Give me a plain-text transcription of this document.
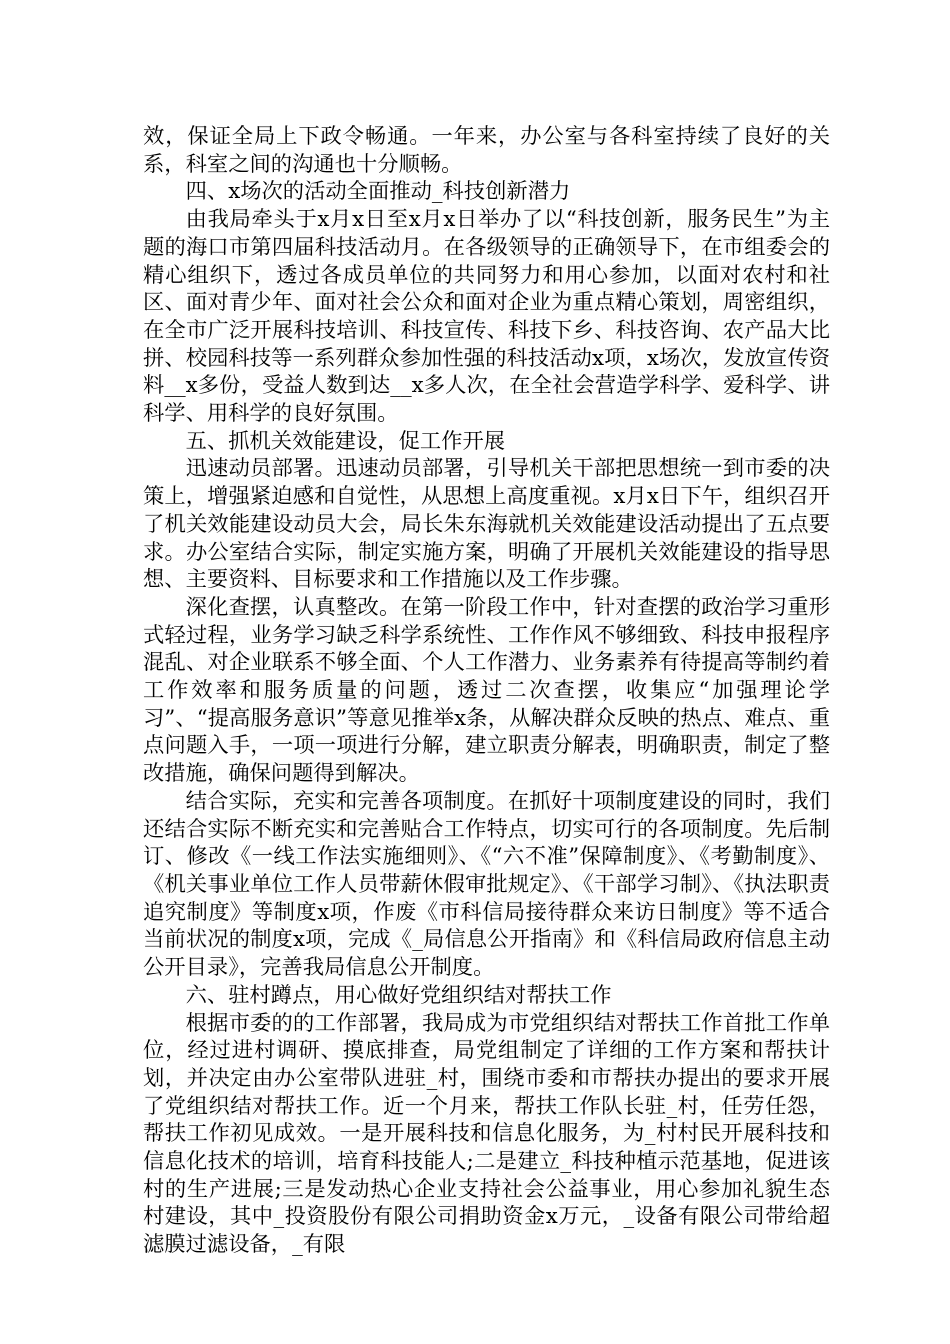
效，保证全局上下政令畅通。一年来，办公室与各科室持续了良好的关系，科室之间的沟通也十分顺畅。

四、x场次的活动全面推动_科技创新潜力

由我局牵头于x月x日至x月x日举办了以“科技创新，服务民生”为主题的海口市第四届科技活动月。在各级领导的正确领导下，在市组委会的精心组织下，透过各成员单位的共同努力和用心参加，以面对农村和社区、面对青少年、面对社会公众和面对企业为重点精心策划，周密组织，在全市广泛开展科技培训、科技宣传、科技下乡、科技咨询、农产品大比拼、校园科技等一系列群众参加性强的科技活动x项，x场次，发放宣传资料__x多份，受益人数到达__x多人次，在全社会营造学科学、爱科学、讲科学、用科学的良好氛围。

五、抓机关效能建设，促工作开展

迅速动员部署。迅速动员部署，引导机关干部把思想统一到市委的决策上，增强紧迫感和自觉性，从思想上高度重视。x月x日下午，组织召开了机关效能建设动员大会，局长朱东海就机关效能建设活动提出了五点要求。办公室结合实际，制定实施方案，明确了开展机关效能建设的指导思想、主要资料、目标要求和工作措施以及工作步骤。

深化查摆，认真整改。在第一阶段工作中，针对查摆的政治学习重形式轻过程，业务学习缺乏科学系统性、工作作风不够细致、科技申报程序混乱、对企业联系不够全面、个人工作潜力、业务素养有待提高等制约着工作效率和服务质量的问题，透过二次查摆，收集应“加强理论学习”、“提高服务意识”等意见推举x条，从解决群众反映的热点、难点、重点问题入手，一项一项进行分解，建立职责分解表，明确职责，制定了整改措施，确保问题得到解决。

结合实际，充实和完善各项制度。在抓好十项制度建设的同时，我们还结合实际不断充实和完善贴合工作特点，切实可行的各项制度。先后制订、修改《一线工作法实施细则》、《“六不准”保障制度》、《考勤制度》、《机关事业单位工作人员带薪休假审批规定》、《干部学习制》、《执法职责追究制度》等制度x项，作废《市科信局接待群众来访日制度》等不适合当前状况的制度x项，完成《_局信息公开指南》和《科信局政府信息主动公开目录》，完善我局信息公开制度。

六、驻村蹲点，用心做好党组织结对帮扶工作

根据市委的的工作部署，我局成为市党组织结对帮扶工作首批工作单位，经过进村调研、摸底排查，局党组制定了详细的工作方案和帮扶计划，并决定由办公室带队进驻_村，围绕市委和市帮扶办提出的要求开展了党组织结对帮扶工作。近一个月来，帮扶工作队长驻_村，任劳任怨，帮扶工作初见成效。一是开展科技和信息化服务，为_村村民开展科技和信息化技术的培训，培育科技能人;二是建立_科技种植示范基地，促进该村的生产进展;三是发动热心企业支持社会公益事业，用心参加礼貌生态村建设，其中_投资股份有限公司捐助资金x万元，_设备有限公司带给超滤膜过滤设备，_有限
